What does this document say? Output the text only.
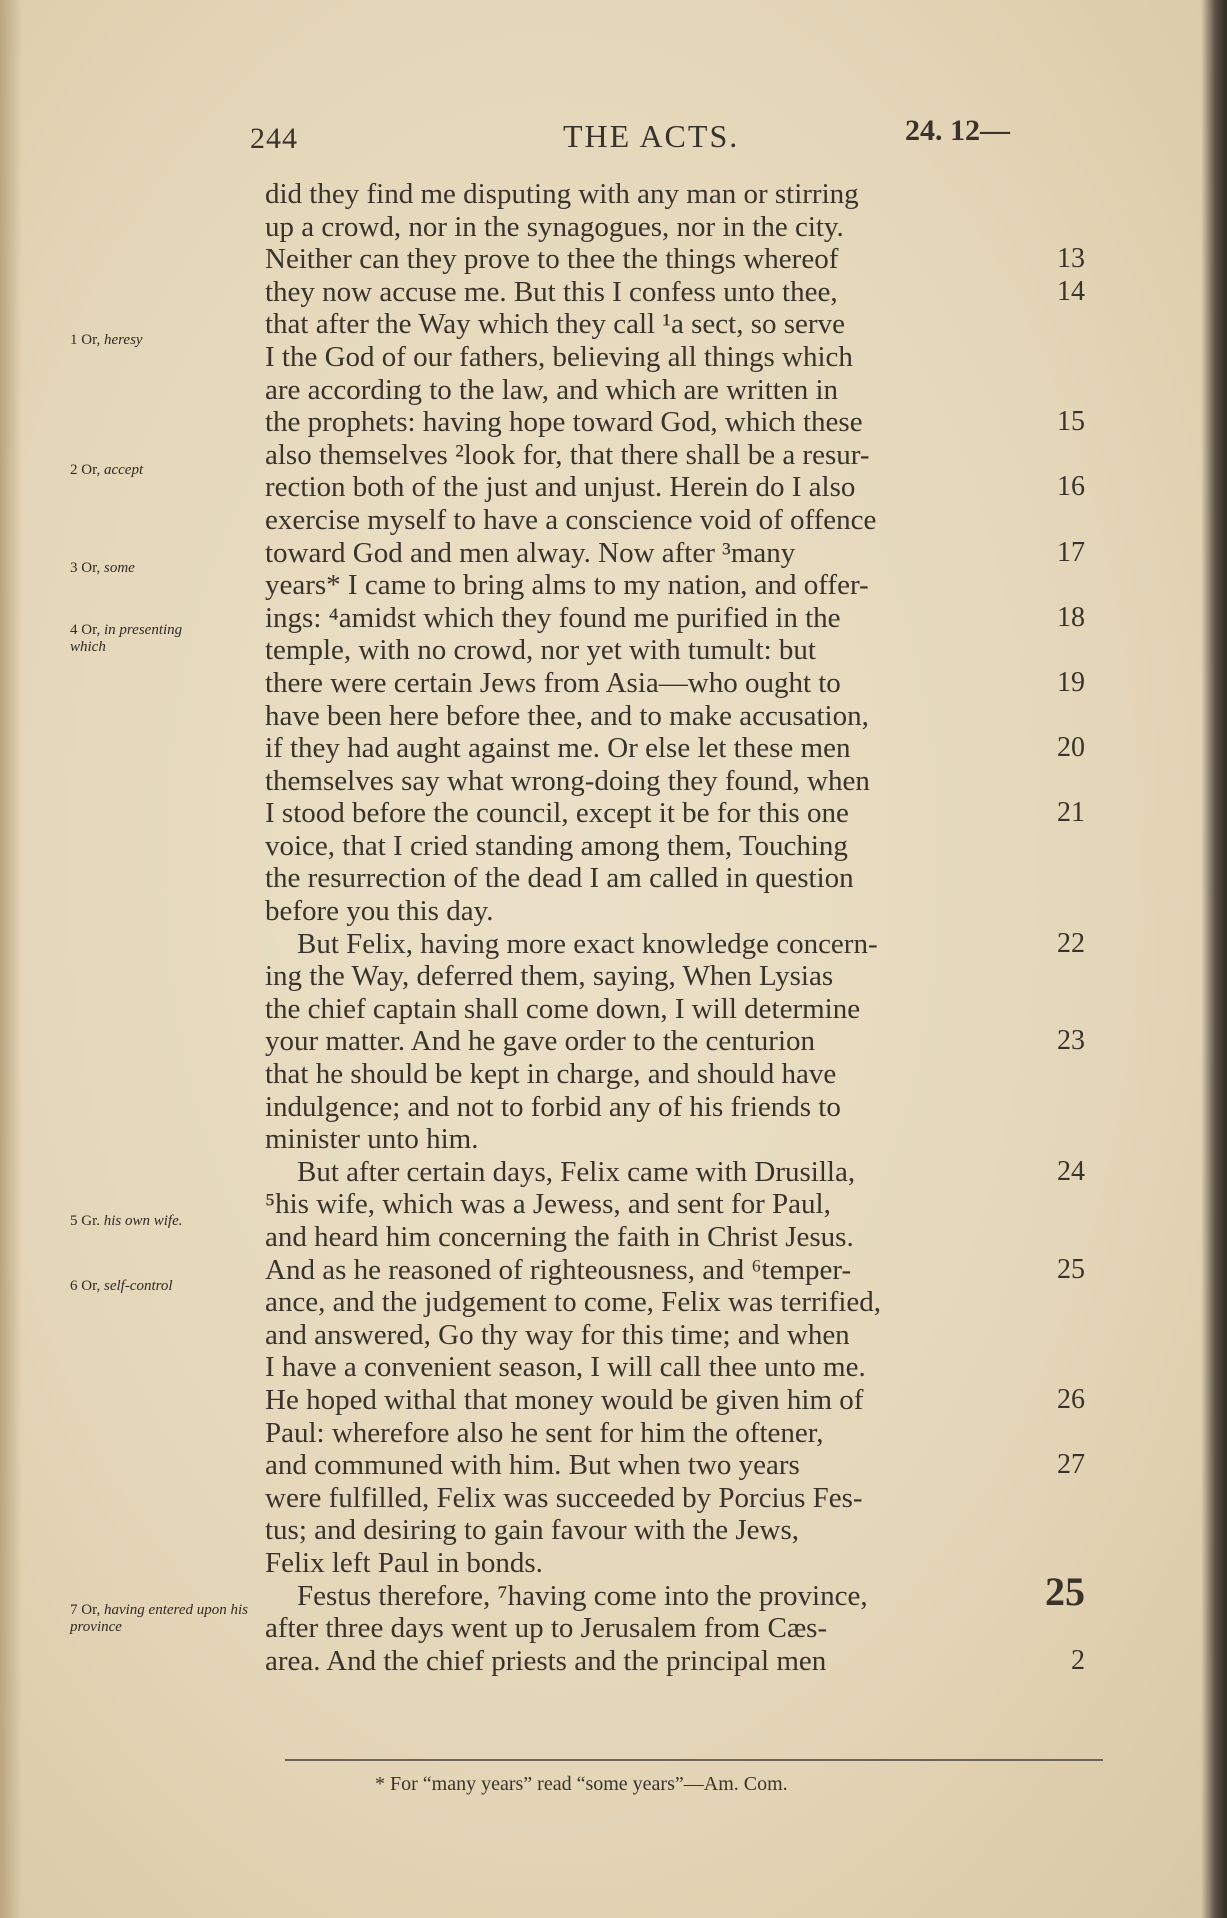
244	THE ACTS.	24. 12—
1 Or, heresy
2 Or, accept
3 Or, some
4 Or, in presenting which
5 Gr. his own wife.
6 Or, self-control
7 Or, having entered upon his province
did they find me disputing with any man or stirring
up a crowd, nor in the synagogues, nor in the city.
Neither can they prove to thee the things whereof	13
they now accuse me. But this I confess unto thee,	14
that after the Way which they call ¹a sect, so serve
I the God of our fathers, believing all things which
are according to the law, and which are written in
the prophets: having hope toward God, which these	15
also themselves ²look for, that there shall be a resur-
rection both of the just and unjust. Herein do I also	16
exercise myself to have a conscience void of offence
toward God and men alway. Now after ³many	17
years* I came to bring alms to my nation, and offer-
ings: ⁴amidst which they found me purified in the	18
temple, with no crowd, nor yet with tumult: but
there were certain Jews from Asia—who ought to	19
have been here before thee, and to make accusation,
if they had aught against me. Or else let these men	20
themselves say what wrong-doing they found, when
I stood before the council, except it be for this one	21
voice, that I cried standing among them, Touching
the resurrection of the dead I am called in question
before you this day.
But Felix, having more exact knowledge concern-	22
ing the Way, deferred them, saying, When Lysias
the chief captain shall come down, I will determine
your matter. And he gave order to the centurion	23
that he should be kept in charge, and should have
indulgence; and not to forbid any of his friends to
minister unto him.
But after certain days, Felix came with Drusilla,	24
⁵his wife, which was a Jewess, and sent for Paul,
and heard him concerning the faith in Christ Jesus.
And as he reasoned of righteousness, and ⁶temper-	25
ance, and the judgement to come, Felix was terrified,
and answered, Go thy way for this time; and when
I have a convenient season, I will call thee unto me.
He hoped withal that money would be given him of	26
Paul: wherefore also he sent for him the oftener,
and communed with him. But when two years	27
were fulfilled, Felix was succeeded by Porcius Fes-
tus; and desiring to gain favour with the Jews,
Felix left Paul in bonds.
Festus therefore, ⁷having come into the province,	25
after three days went up to Jerusalem from Cæs-
area. And the chief priests and the principal men	2
* For “many years” read “some years”—Am. Com.
